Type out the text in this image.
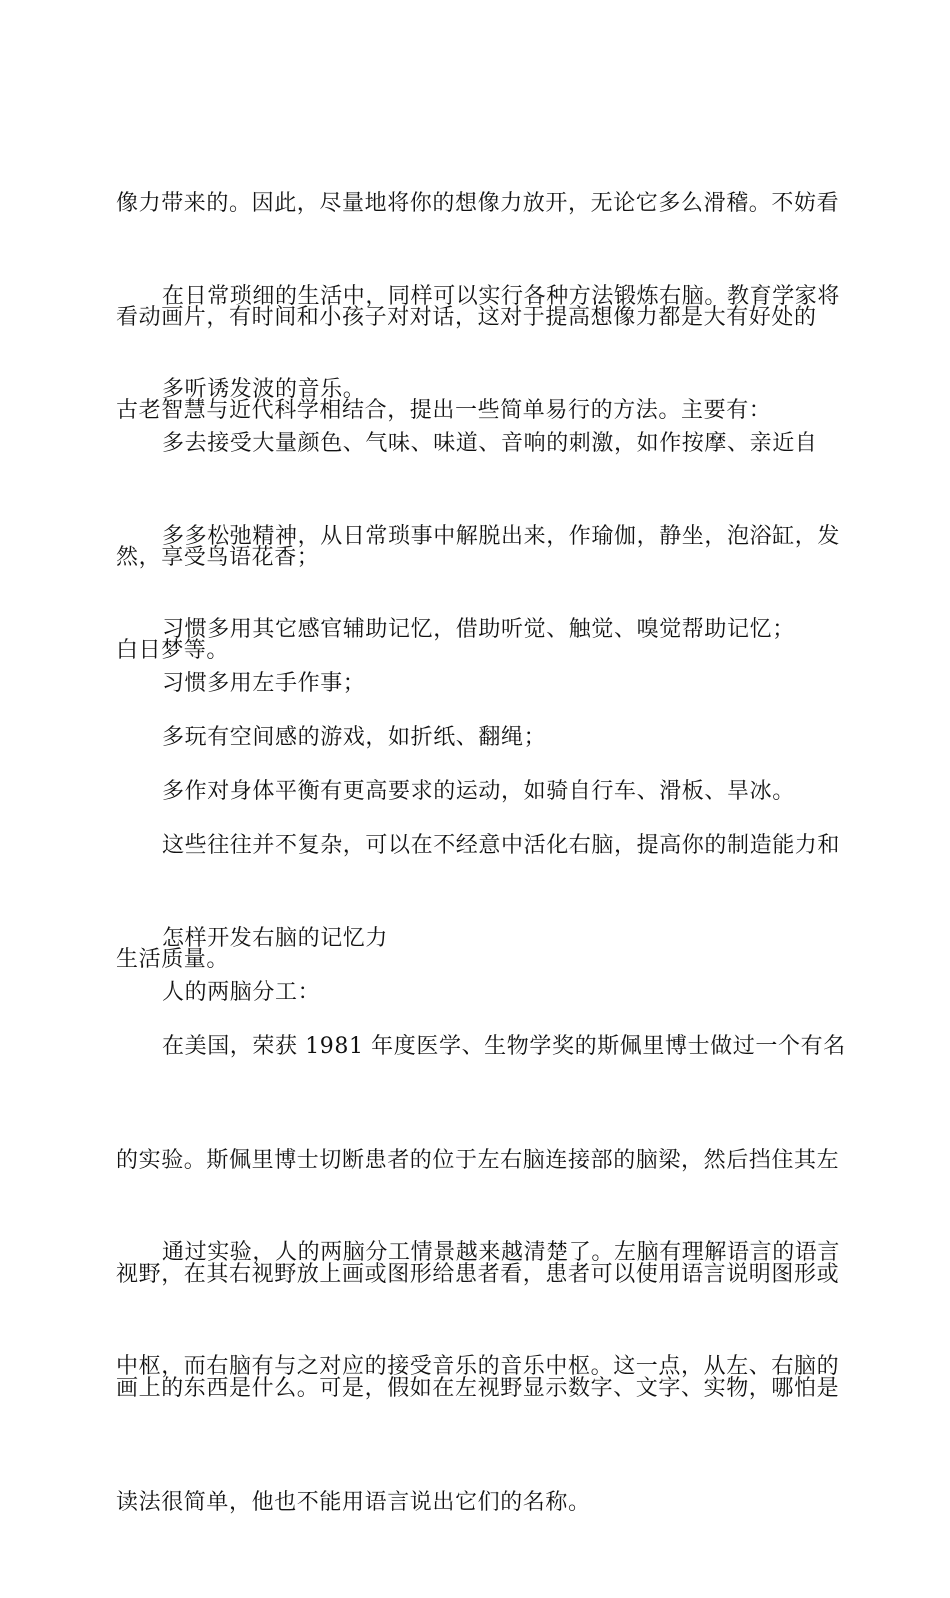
像力带来的。因此，尽量地将你的想像力放开，无论它多么滑稽。不妨看

看动画片，有时间和小孩子对对话，这对于提高想像力都是大有好处的

在日常琐细的生活中，同样可以实行各种方法锻炼右脑。教育学家将

古老智慧与近代科学相结合，提出一些简单易行的方法。主要有：

多听诱发波的音乐。

多去接受大量颜色、气味、味道、音响的刺激，如作按摩、亲近自

然，享受鸟语花香；

多多松弛精神，从日常琐事中解脱出来，作瑜伽，静坐，泡浴缸，发

白日梦等。

习惯多用其它感官辅助记忆，借助听觉、触觉、嗅觉帮助记忆；

习惯多用左手作事；

多玩有空间感的游戏，如折纸、翻绳；

多作对身体平衡有更高要求的运动，如骑自行车、滑板、旱冰。

这些往往并不复杂，可以在不经意中活化右脑，提高你的制造能力和

生活质量。

怎样开发右脑的记忆力

人的两脑分工：

在美国，荣获 1981 年度医学、生物学奖的斯佩里博士做过一个有名

的实验。斯佩里博士切断患者的位于左右脑连接部的脑梁，然后挡住其左

视野，在其右视野放上画或图形给患者看，患者可以使用语言说明图形或

画上的东西是什么。可是，假如在左视野显示数字、文字、实物，哪怕是

读法很简单，他也不能用语言说出它们的名称。

通过实验，人的两脑分工情景越来越清楚了。左脑有理解语言的语言

中枢，而右脑有与之对应的接受音乐的音乐中枢。这一点，从左、右脑的
